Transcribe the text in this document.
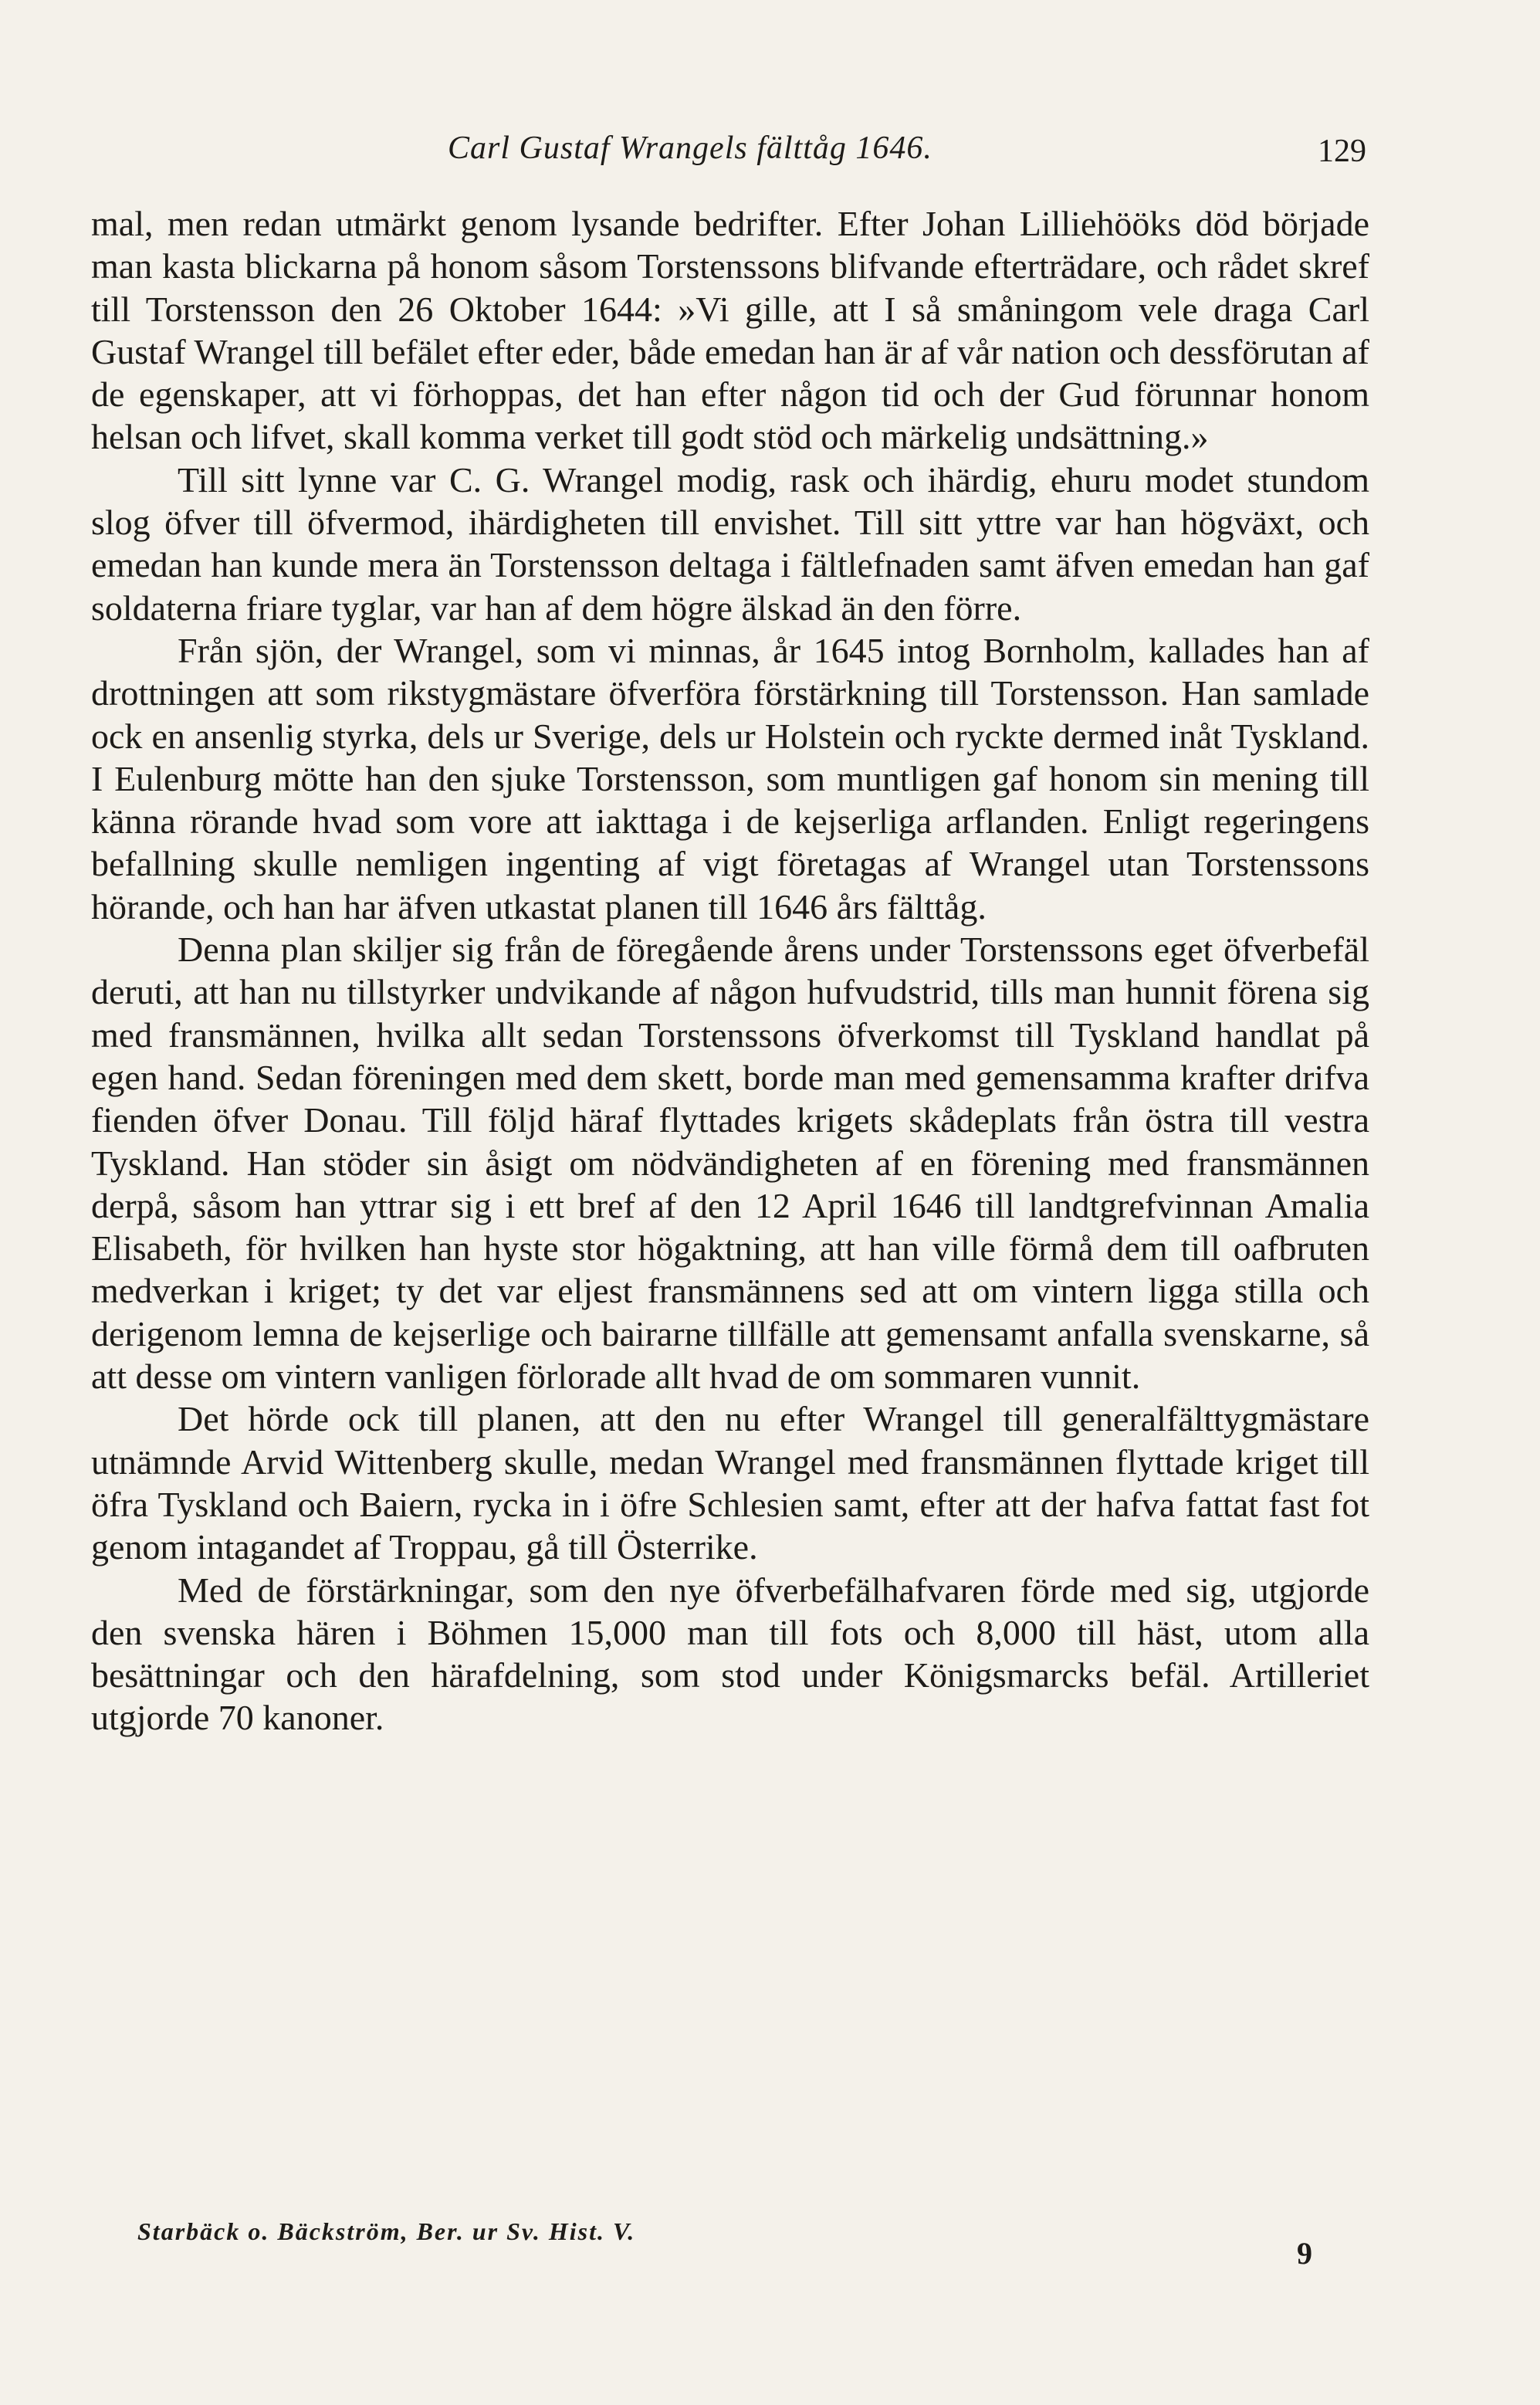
Carl Gustaf Wrangels fälttåg 1646.	129

mal, men redan utmärkt genom lysande bedrifter. Efter Johan Lilliehööks död började man kasta blickarna på honom såsom Torstenssons blifvande efterträdare, och rådet skref till Torstensson den 26 Oktober 1644: »Vi gille, att I så småningom vele draga Carl Gustaf Wrangel till befälet efter eder, både emedan han är af vår nation och dessförutan af de egenskaper, att vi förhoppas, det han efter någon tid och der Gud förunnar honom helsan och lifvet, skall komma verket till godt stöd och märkelig undsättning.»

Till sitt lynne var C. G. Wrangel modig, rask och ihärdig, ehuru modet stundom slog öfver till öfvermod, ihärdigheten till envishet. Till sitt yttre var han högväxt, och emedan han kunde mera än Torstensson deltaga i fältlefnaden samt äfven emedan han gaf soldaterna friare tyglar, var han af dem högre älskad än den förre.

Från sjön, der Wrangel, som vi minnas, år 1645 intog Bornholm, kallades han af drottningen att som rikstygmästare öfverföra förstärkning till Torstensson. Han samlade ock en ansenlig styrka, dels ur Sverige, dels ur Holstein och ryckte dermed inåt Tyskland. I Eulenburg mötte han den sjuke Torstensson, som muntligen gaf honom sin mening till känna rörande hvad som vore att iakttaga i de kejserliga arflanden. Enligt regeringens befallning skulle nemligen ingenting af vigt företagas af Wrangel utan Torstenssons hörande, och han har äfven utkastat planen till 1646 års fälttåg.

Denna plan skiljer sig från de föregående årens under Torstenssons eget öfverbefäl deruti, att han nu tillstyrker undvikande af någon hufvudstrid, tills man hunnit förena sig med fransmännen, hvilka allt sedan Torstenssons öfverkomst till Tyskland handlat på egen hand. Sedan föreningen med dem skett, borde man med gemensamma krafter drifva fienden öfver Donau. Till följd häraf flyttades krigets skådeplats från östra till vestra Tyskland. Han stöder sin åsigt om nödvändigheten af en förening med fransmännen derpå, såsom han yttrar sig i ett bref af den 12 April 1646 till landtgrefvinnan Amalia Elisabeth, för hvilken han hyste stor högaktning, att han ville förmå dem till oafbruten medverkan i kriget; ty det var eljest fransmännens sed att om vintern ligga stilla och derigenom lemna de kejserlige och bairarne tillfälle att gemensamt anfalla svenskarne, så att desse om vintern vanligen förlorade allt hvad de om sommaren vunnit.

Det hörde ock till planen, att den nu efter Wrangel till generalfälttygmästare utnämnde Arvid Wittenberg skulle, medan Wrangel med fransmännen flyttade kriget till öfra Tyskland och Baiern, rycka in i öfre Schlesien samt, efter att der hafva fattat fast fot genom intagandet af Troppau, gå till Österrike.

Med de förstärkningar, som den nye öfverbefälhafvaren förde med sig, utgjorde den svenska hären i Böhmen 15,000 man till fots och 8,000 till häst, utom alla besättningar och den härafdelning, som stod under Königsmarcks befäl. Artilleriet utgjorde 70 kanoner.

Starbäck o. Bäckström, Ber. ur Sv. Hist. V.
9
